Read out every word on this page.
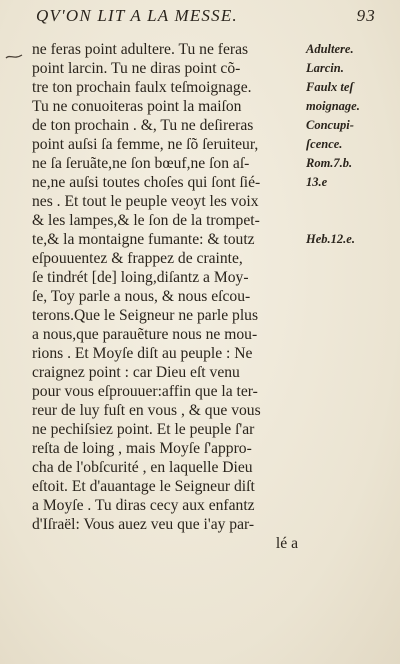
QV'ON LIT A LA MESSE.	93
ne feras point adultere. Tu ne feras
point larcin. Tu ne diras point cõ-
tre ton prochain faulx teſmoignage.
Tu ne conuoiteras point la maiſon
de ton prochain . &, Tu ne deſireras
point auſsi ſa femme, ne ſõ ſeruiteur,
ne ſa ſeruãte,ne ſon bœuf,ne ſon aſ-
ne,ne auſsi toutes choſes qui ſont ſié-
nes . Et tout le peuple veoyt les voix
& les lampes,& le ſon de la trompet-
te,& la montaigne fumante: & toutz
eſpouuentez & frappez de crainte,
ſe tindrét [de] loing,diſantz a Moy-
ſe, Toy parle a nous, & nous eſcou-
terons.Que le Seigneur ne parle plus
a nous,que parauẽture nous ne mou-
rions . Et Moyſe diſt au peuple : Ne
craignez point : car Dieu eſt venu
pour vous eſprouuer:affin que la ter-
reur de luy fuſt en vous , & que vous
ne pechiſsiez point. Et le peuple ſ'ar
reſta de loing , mais Moyſe ſ'appro-
cha de l'obſcurité , en laquelle Dieu
eſtoit. Et d'auantage le Seigneur diſt
a Moyſe . Tu diras cecy aux enfantz
d'Iſraël: Vous auez veu que i'ay par-
lé a
Adultere.
Larcin.
Faulx teſ
moignage.
Concupi-
ſcence.
Rom.7.b.
13.e
Heb.12.e.
